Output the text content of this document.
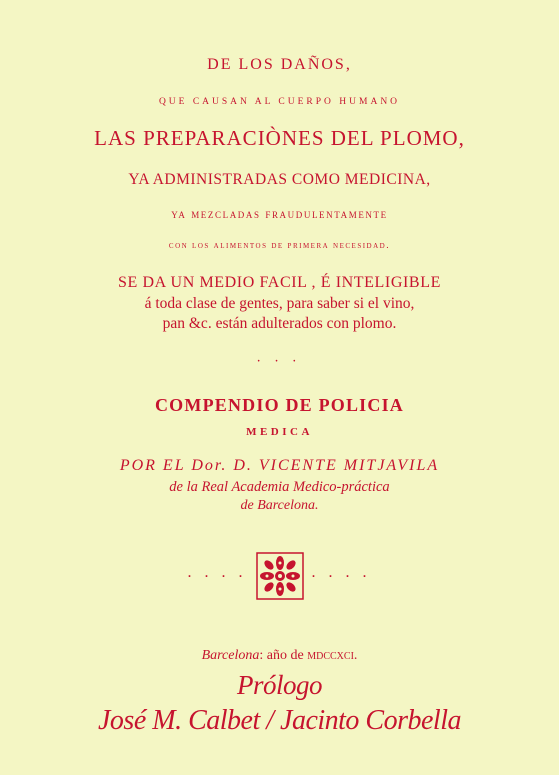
DE LOS DAÑOS,
QUE CAUSAN AL CUERPO HUMANO
LAS PREPARACIÒNES DEL PLOMO,
YA ADMINISTRADAS COMO MEDICINA,
ya mezcladas fraudulentamente
con los alimentos de primera necesidad.
SE DA UN MEDIO FACIL , É INTELIGIBLE
á toda clase de gentes, para saber si el vino,
pan &c. están adulterados con plomo.
· · ·
COMPENDIO DE POLICIA
MEDICA
POR EL Dor. D. VICENTE MITJAVILA
de la Real Academia Medico-práctica
de Barcelona.
· · · ·	· · · ·
Barcelona: año de mdccxci.
Prólogo
José M. Calbet / Jacinto Corbella
